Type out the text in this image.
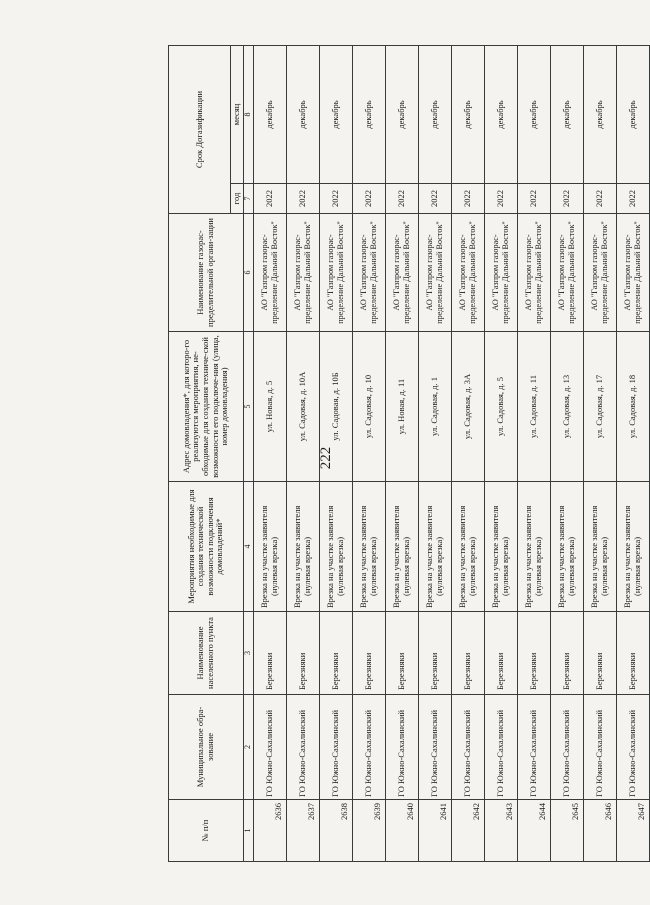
222
№ п/п	Муниципальное обра-зование	Наименование населенного пункта	Мероприятия необходимые для создания технической возможности подключения домовладений*	Адрес домовладения*, для которо-го реализуются мероприятия, не-обходимые для создания техниче-ской возможности его подключе-ния (улица, номер домовладения)	Наименование газорас-пределительной органи-зации	Срок Догазификации	
						год	месяц
1	2	3	4	5	6	7	8
2636	ГО Южно-Сахалинский	Березняки	Врезка на участке заявителя (нулевая врезка)	ул. Новая, д. 5	АО "Газпром газорас-пределение Дальний Восток"	2022	декабрь
2637	ГО Южно-Сахалинский	Березняки	Врезка на участке заявителя (нулевая врезка)	ул. Садовая, д. 10А	АО "Газпром газорас-пределение Дальний Восток"	2022	декабрь
2638	ГО Южно-Сахалинский	Березняки	Врезка на участке заявителя (нулевая врезка)	ул. Садовая, д. 10Б	АО "Газпром газорас-пределение Дальний Восток"	2022	декабрь
2639	ГО Южно-Сахалинский	Березняки	Врезка на участке заявителя (нулевая врезка)	ул. Садовая, д. 10	АО "Газпром газорас-пределение Дальний Восток"	2022	декабрь
2640	ГО Южно-Сахалинский	Березняки	Врезка на участке заявителя (нулевая врезка)	ул. Новая, д. 11	АО "Газпром газорас-пределение Дальний Восток"	2022	декабрь
2641	ГО Южно-Сахалинский	Березняки	Врезка на участке заявителя (нулевая врезка)	ул. Садовая, д. 1	АО "Газпром газорас-пределение Дальний Восток"	2022	декабрь
2642	ГО Южно-Сахалинский	Березняки	Врезка на участке заявителя (нулевая врезка)	ул. Садовая, д. 3А	АО "Газпром газорас-пределение Дальний Восток"	2022	декабрь
2643	ГО Южно-Сахалинский	Березняки	Врезка на участке заявителя (нулевая врезка)	ул. Садовая, д. 5	АО "Газпром газорас-пределение Дальний Восток"	2022	декабрь
2644	ГО Южно-Сахалинский	Березняки	Врезка на участке заявителя (нулевая врезка)	ул. Садовая, д. 11	АО "Газпром газорас-пределение Дальний Восток"	2022	декабрь
2645	ГО Южно-Сахалинский	Березняки	Врезка на участке заявителя (нулевая врезка)	ул. Садовая, д. 13	АО "Газпром газорас-пределение Дальний Восток"	2022	декабрь
2646	ГО Южно-Сахалинский	Березняки	Врезка на участке заявителя (нулевая врезка)	ул. Садовая, д. 17	АО "Газпром газорас-пределение Дальний Восток"	2022	декабрь
2647	ГО Южно-Сахалинский	Березняки	Врезка на участке заявителя (нулевая врезка)	ул. Садовая, д. 18	АО "Газпром газорас-пределение Дальний Восток"	2022	декабрь
